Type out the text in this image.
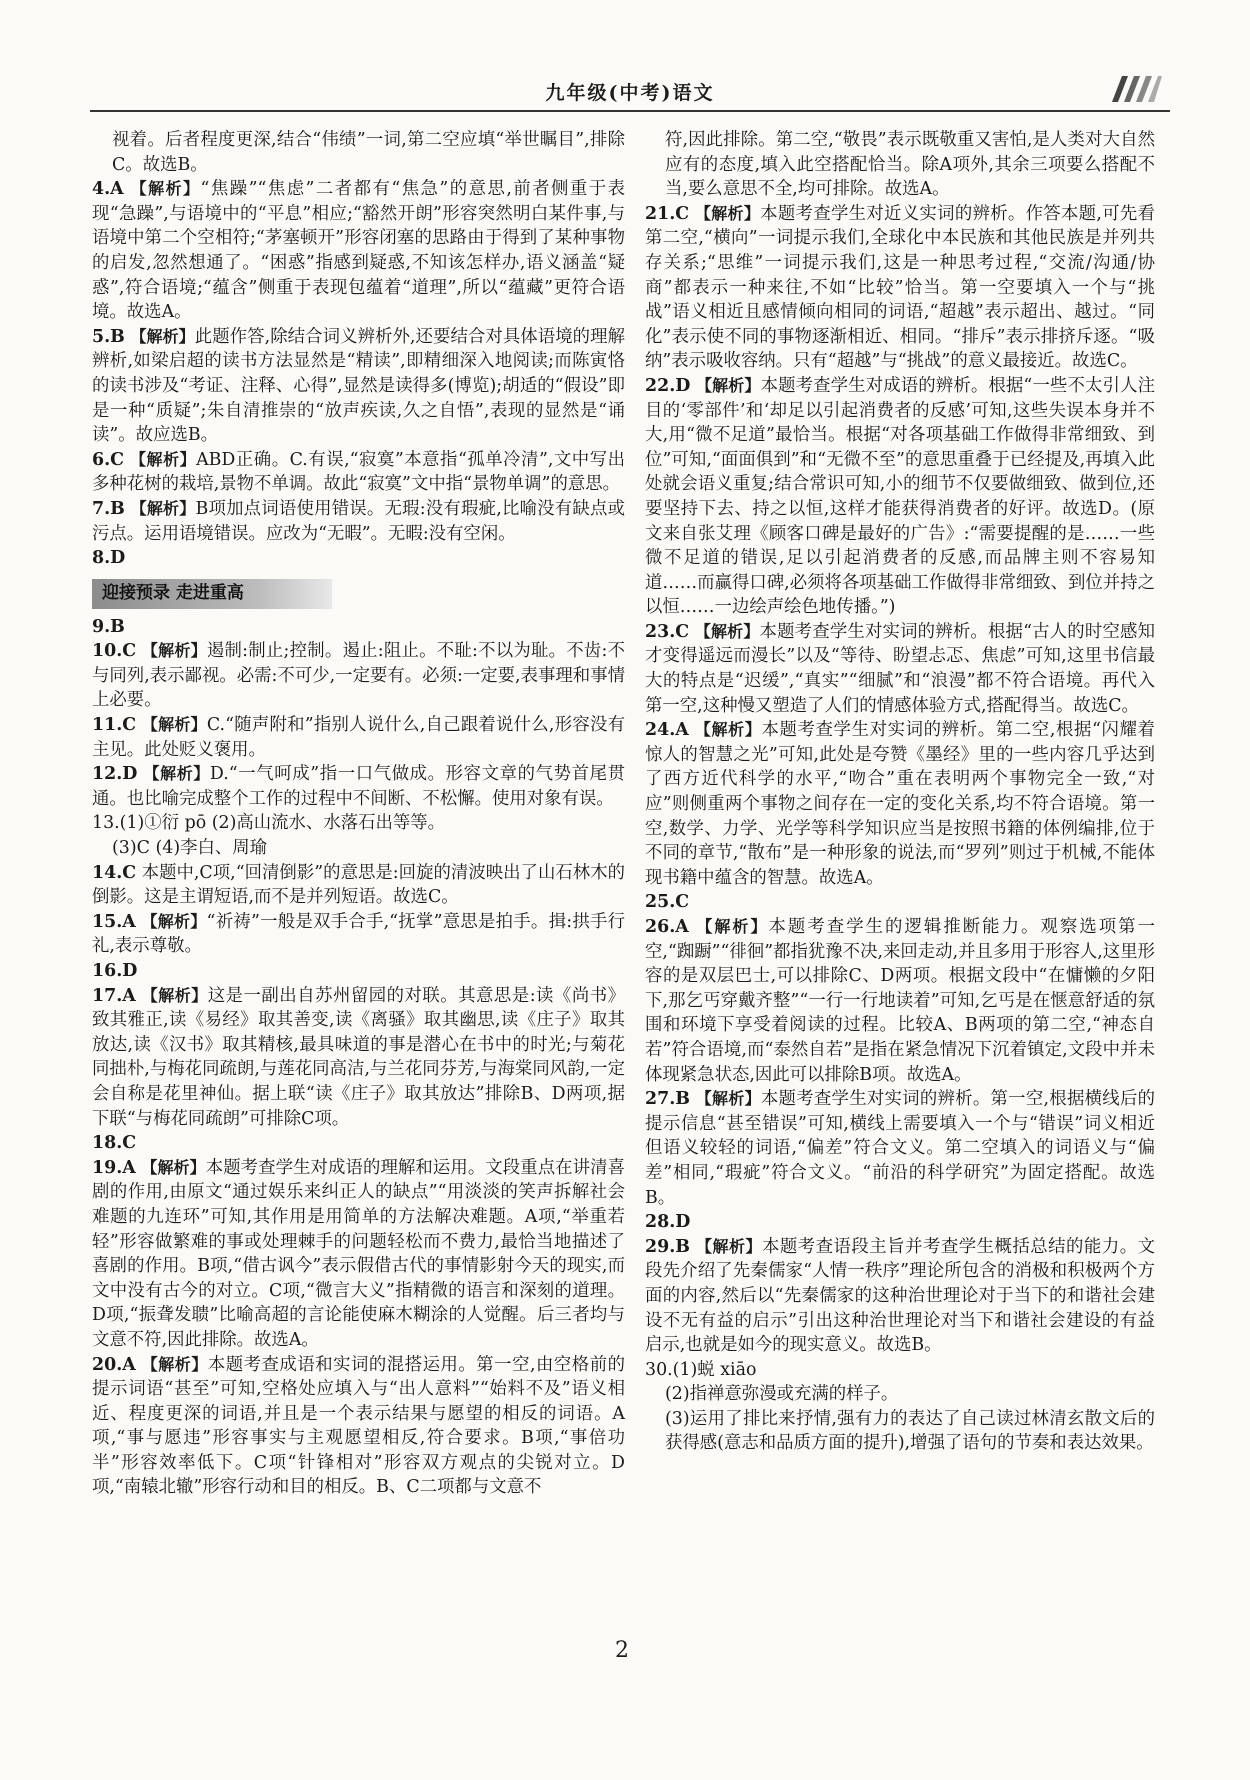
九年级(中考)语文

视着。后者程度更深,结合“伟绩”一词,第二空应填“举世瞩目”,排除C。故选B。

4.A 【解析】“焦躁”“焦虑”二者都有“焦急”的意思,前者侧重于表现“急躁”,与语境中的“平息”相应;“豁然开朗”形容突然明白某件事,与语境中第二个空相符;“茅塞顿开”形容闭塞的思路由于得到了某种事物的启发,忽然想通了。“困惑”指感到疑惑,不知该怎样办,语义涵盖“疑惑”,符合语境;“蕴含”侧重于表现包蕴着“道理”,所以“蕴藏”更符合语境。故选A。

5.B 【解析】此题作答,除结合词义辨析外,还要结合对具体语境的理解辨析,如梁启超的读书方法显然是“精读”,即精细深入地阅读;而陈寅恪的读书涉及“考证、注释、心得”,显然是读得多(博览);胡适的“假设”即是一种“质疑”;朱自清推崇的“放声疾读,久之自悟”,表现的显然是“诵读”。故应选B。

6.C 【解析】ABD正确。C.有误,“寂寞”本意指“孤单冷清”,文中写出多种花树的栽培,景物不单调。故此“寂寞”文中指“景物单调”的意思。

7.B 【解析】B项加点词语使用错误。无瑕:没有瑕疵,比喻没有缺点或污点。运用语境错误。应改为“无暇”。无暇:没有空闲。

8.D

迎接预录 走进重高

9.B

10.C 【解析】遏制:制止;控制。遏止:阻止。不耻:不以为耻。不齿:不与同列,表示鄙视。必需:不可少,一定要有。必须:一定要,表事理和事情上必要。

11.C 【解析】C.“随声附和”指别人说什么,自己跟着说什么,形容没有主见。此处贬义褒用。

12.D 【解析】D.“一气呵成”指一口气做成。形容文章的气势首尾贯通。也比喻完成整个工作的过程中不间断、不松懈。使用对象有误。

13.(1)①衍 pō (2)高山流水、水落石出等等。

(3)C (4)李白、周瑜

14.C 本题中,C项,“回清倒影”的意思是:回旋的清波映出了山石林木的倒影。这是主谓短语,而不是并列短语。故选C。

15.A 【解析】“祈祷”一般是双手合手,“抚掌”意思是拍手。揖:拱手行礼,表示尊敬。

16.D

17.A 【解析】这是一副出自苏州留园的对联。其意思是:读《尚书》致其雅正,读《易经》取其善变,读《离骚》取其幽思,读《庄子》取其放达,读《汉书》取其精核,最具味道的事是潜心在书中的时光;与菊花同拙朴,与梅花同疏朗,与莲花同高洁,与兰花同芬芳,与海棠同风韵,一定会自称是花里神仙。据上联“读《庄子》取其放达”排除B、D两项,据下联“与梅花同疏朗”可排除C项。

18.C

19.A 【解析】本题考查学生对成语的理解和运用。文段重点在讲清喜剧的作用,由原文“通过娱乐来纠正人的缺点”“用淡淡的笑声拆解社会难题的九连环”可知,其作用是用简单的方法解决难题。A项,“举重若轻”形容做繁难的事或处理棘手的问题轻松而不费力,最恰当地描述了喜剧的作用。B项,“借古讽今”表示假借古代的事情影射今天的现实,而文中没有古今的对立。C项,“微言大义”指精微的语言和深刻的道理。D项,“振聋发聩”比喻高超的言论能使麻木糊涂的人觉醒。后三者均与文意不符,因此排除。故选A。

20.A 【解析】本题考查成语和实词的混搭运用。第一空,由空格前的提示词语“甚至”可知,空格处应填入与“出人意料”“始料不及”语义相近、程度更深的词语,并且是一个表示结果与愿望的相反的词语。A项,“事与愿违”形容事实与主观愿望相反,符合要求。B项,“事倍功半”形容效率低下。C项“针锋相对”形容双方观点的尖锐对立。D项,“南辕北辙”形容行动和目的相反。B、C二项都与文意不

符,因此排除。第二空,“敬畏”表示既敬重又害怕,是人类对大自然应有的态度,填入此空搭配恰当。除A项外,其余三项要么搭配不当,要么意思不全,均可排除。故选A。

21.C 【解析】本题考查学生对近义实词的辨析。作答本题,可先看第二空,“横向”一词提示我们,全球化中本民族和其他民族是并列共存关系;“思维”一词提示我们,这是一种思考过程,“交流/沟通/协商”都表示一种来往,不如“比较”恰当。第一空要填入一个与“挑战”语义相近且感情倾向相同的词语,“超越”表示超出、越过。“同化”表示使不同的事物逐渐相近、相同。“排斥”表示排挤斥逐。“吸纳”表示吸收容纳。只有“超越”与“挑战”的意义最接近。故选C。

22.D 【解析】本题考查学生对成语的辨析。根据“一些不太引人注目的‘零部件’和‘却足以引起消费者的反感’可知,这些失误本身并不大,用“微不足道”最恰当。根据“对各项基础工作做得非常细致、到位”可知,“面面俱到”和“无微不至”的意思重叠于已经提及,再填入此处就会语义重复;结合常识可知,小的细节不仅要做细致、做到位,还要坚持下去、持之以恒,这样才能获得消费者的好评。故选D。(原文来自张艾理《顾客口碑是最好的广告》:“需要提醒的是……一些微不足道的错误,足以引起消费者的反感,而品牌主则不容易知道……而赢得口碑,必须将各项基础工作做得非常细致、到位并持之以恒……一边绘声绘色地传播。”)

23.C 【解析】本题考查学生对实词的辨析。根据“古人的时空感知才变得遥远而漫长”以及“等待、盼望忐忑、焦虑”可知,这里书信最大的特点是“迟缓”,“真实”“细腻”和“浪漫”都不符合语境。再代入第一空,这种慢又塑造了人们的情感体验方式,搭配得当。故选C。

24.A 【解析】本题考查学生对实词的辨析。第二空,根据“闪耀着惊人的智慧之光”可知,此处是夸赞《墨经》里的一些内容几乎达到了西方近代科学的水平,“吻合”重在表明两个事物完全一致,“对应”则侧重两个事物之间存在一定的变化关系,均不符合语境。第一空,数学、力学、光学等科学知识应当是按照书籍的体例编排,位于不同的章节,“散布”是一种形象的说法,而“罗列”则过于机械,不能体现书籍中蕴含的智慧。故选A。

25.C

26.A 【解析】本题考查学生的逻辑推断能力。观察选项第一空,“踟蹰”“徘徊”都指犹豫不决,来回走动,并且多用于形容人,这里形容的是双层巴士,可以排除C、D两项。根据文段中“在慵懒的夕阳下,那乞丐穿戴齐整”“一行一行地读着”可知,乞丐是在惬意舒适的氛围和环境下享受着阅读的过程。比较A、B两项的第二空,“神态自若”符合语境,而“泰然自若”是指在紧急情况下沉着镇定,文段中并未体现紧急状态,因此可以排除B项。故选A。

27.B 【解析】本题考查学生对实词的辨析。第一空,根据横线后的提示信息“甚至错误”可知,横线上需要填入一个与“错误”词义相近但语义较轻的词语,“偏差”符合文义。第二空填入的词语义与“偏差”相同,“瑕疵”符合文义。“前沿的科学研究”为固定搭配。故选B。

28.D

29.B 【解析】本题考查语段主旨并考查学生概括总结的能力。文段先介绍了先秦儒家“人情一秩序”理论所包含的消极和积极两个方面的内容,然后以“先秦儒家的这种治世理论对于当下的和谐社会建设不无有益的启示”引出这种治世理论对当下和谐社会建设的有益启示,也就是如今的现实意义。故选B。

30.(1)蜕 xiāo

(2)指禅意弥漫或充满的样子。

(3)运用了排比来抒情,强有力的表达了自己读过林清玄散文后的获得感(意志和品质方面的提升),增强了语句的节奏和表达效果。

2
